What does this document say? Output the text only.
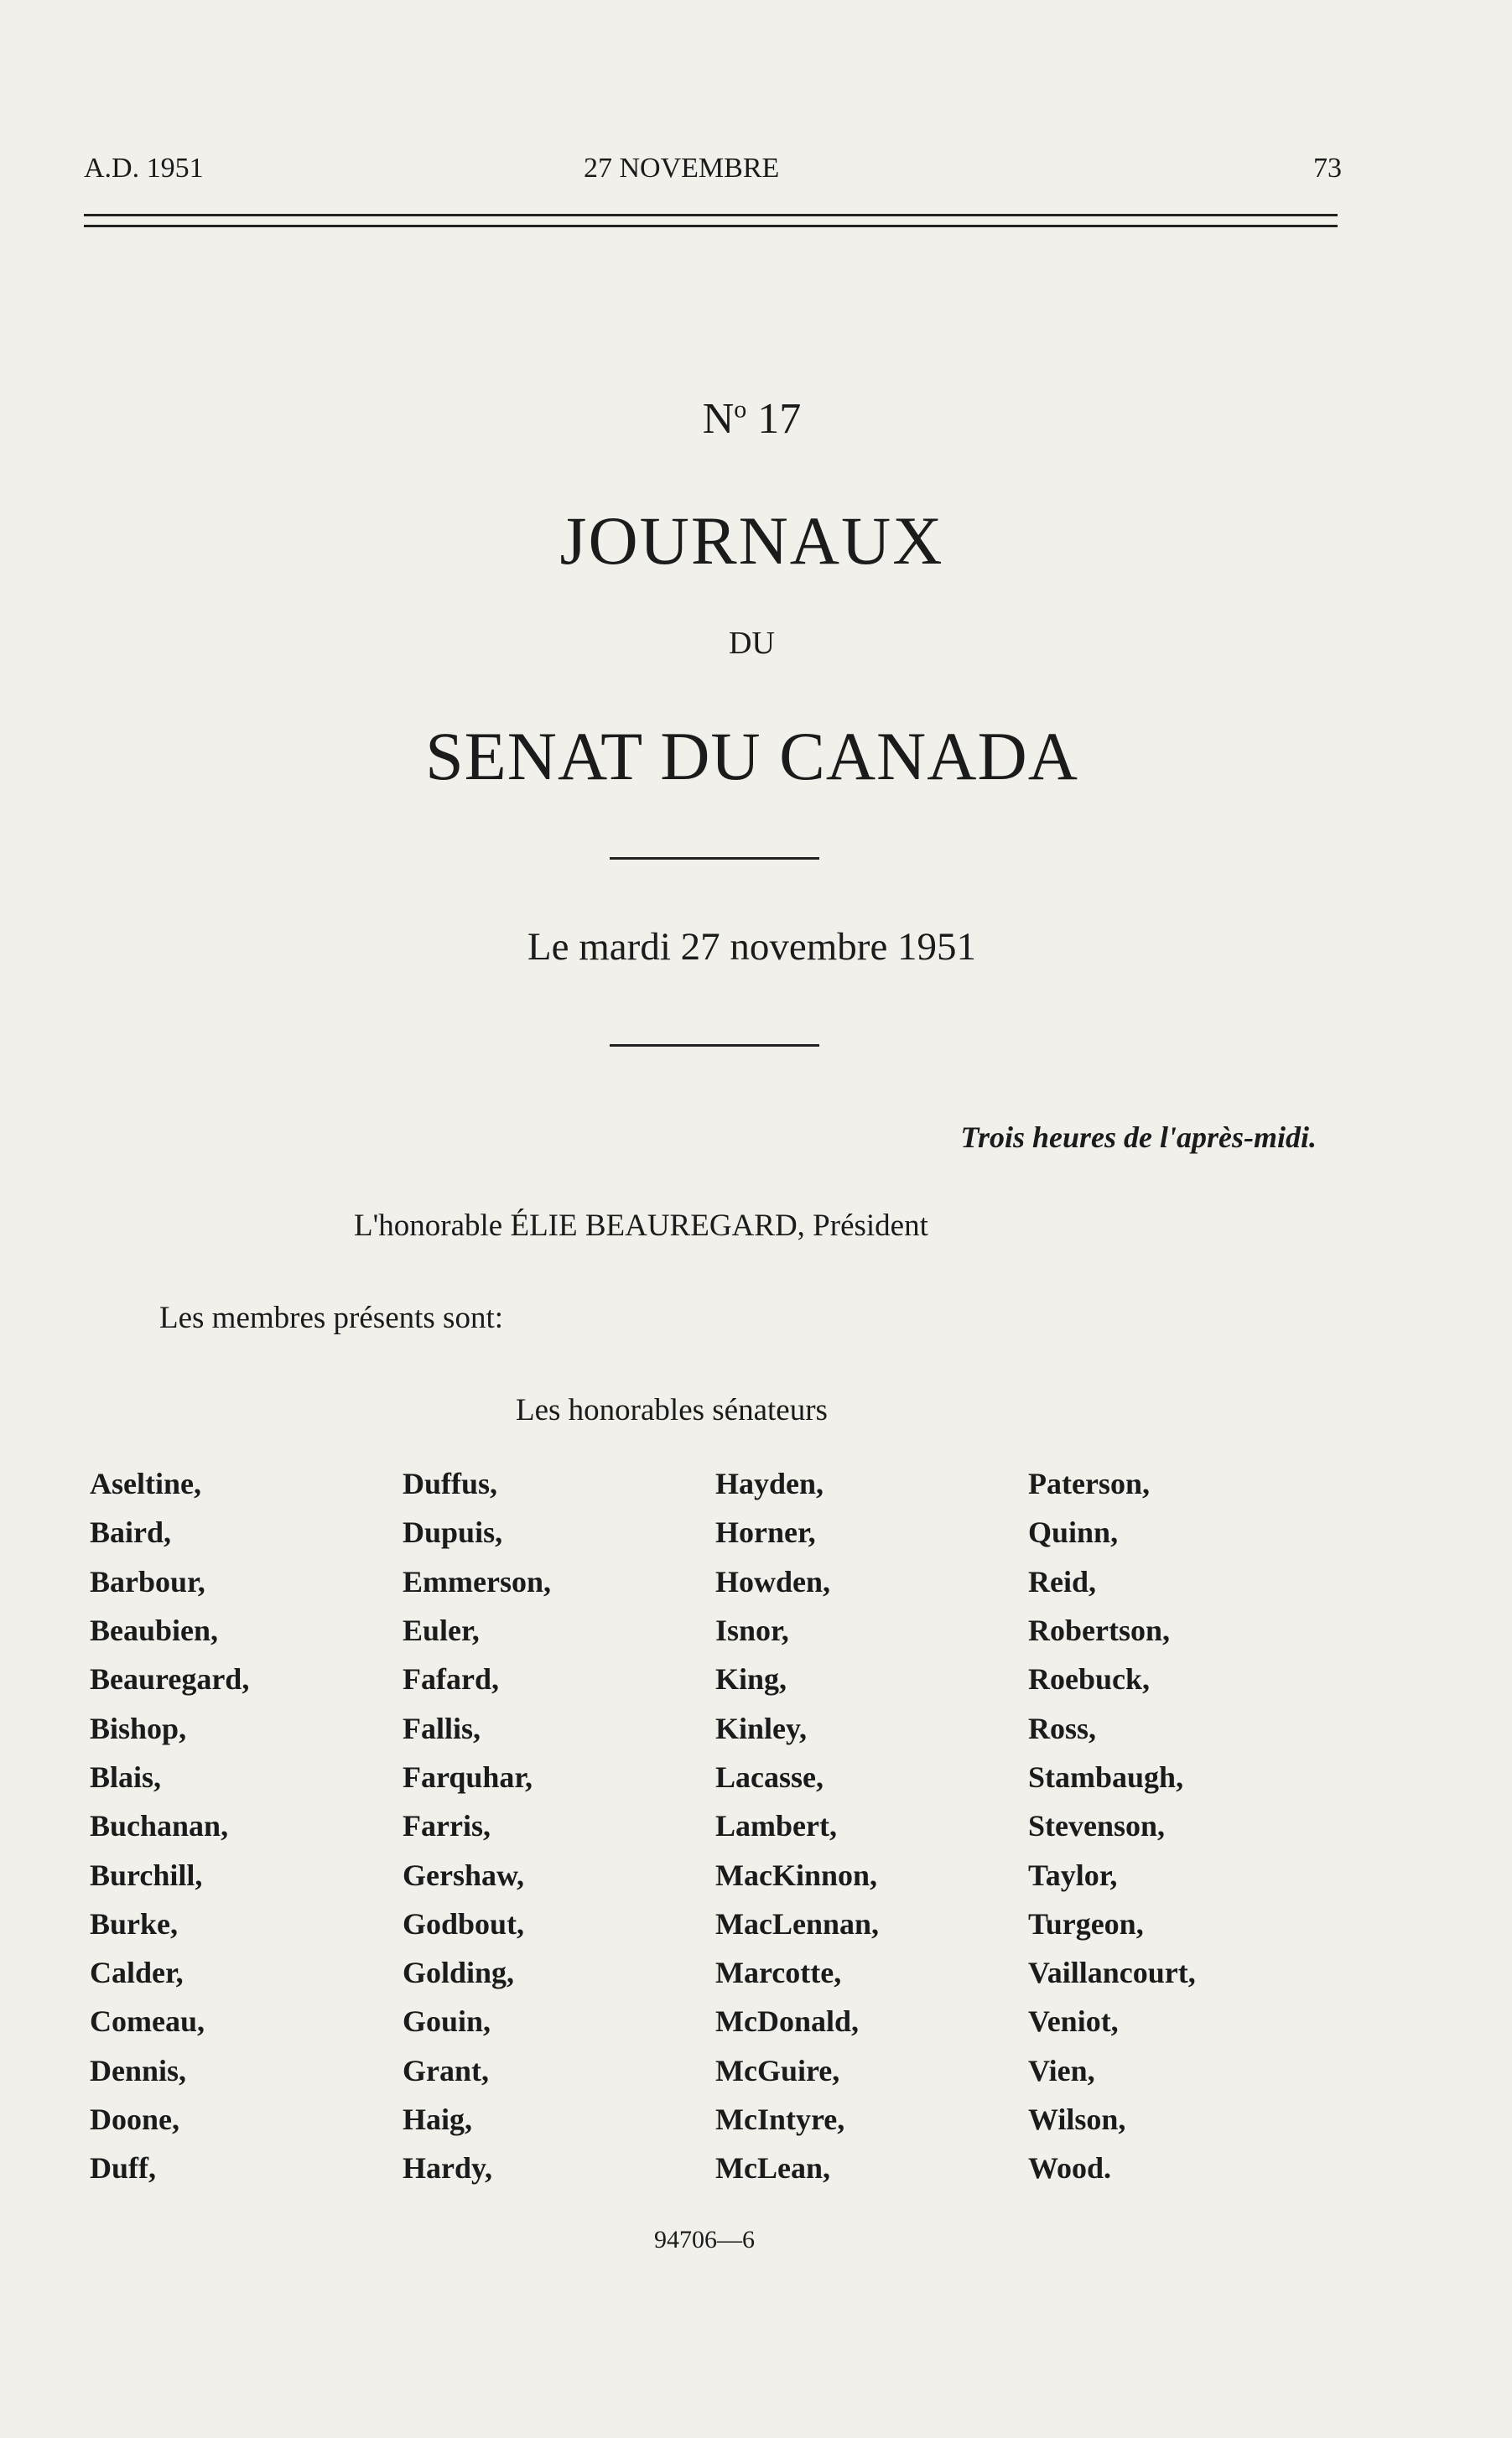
A.D. 1951	27 NOVEMBRE	73
$N^o$ 17
JOURNAUX
DU
SENAT DU CANADA
Le mardi 27 novembre 1951
Trois heures de l'après-midi.
L'honorable ÉLIE BEAUREGARD, Président
Les membres présents sont:
Les honorables sénateurs
Aseltine,	Duffus,	Hayden,	Paterson,
Baird,	Dupuis,	Horner,	Quinn,
Barbour,	Emmerson,	Howden,	Reid,
Beaubien,	Euler,	Isnor,	Robertson,
Beauregard,	Fafard,	King,	Roebuck,
Bishop,	Fallis,	Kinley,	Ross,
Blais,	Farquhar,	Lacasse,	Stambaugh,
Buchanan,	Farris,	Lambert,	Stevenson,
Burchill,	Gershaw,	MacKinnon,	Taylor,
Burke,	Godbout,	MacLennan,	Turgeon,
Calder,	Golding,	Marcotte,	Vaillancourt,
Comeau,	Gouin,	McDonald,	Veniot,
Dennis,	Grant,	McGuire,	Vien,
Doone,	Haig,	McIntyre,	Wilson,
Duff,	Hardy,	McLean,	Wood.
94706—6
